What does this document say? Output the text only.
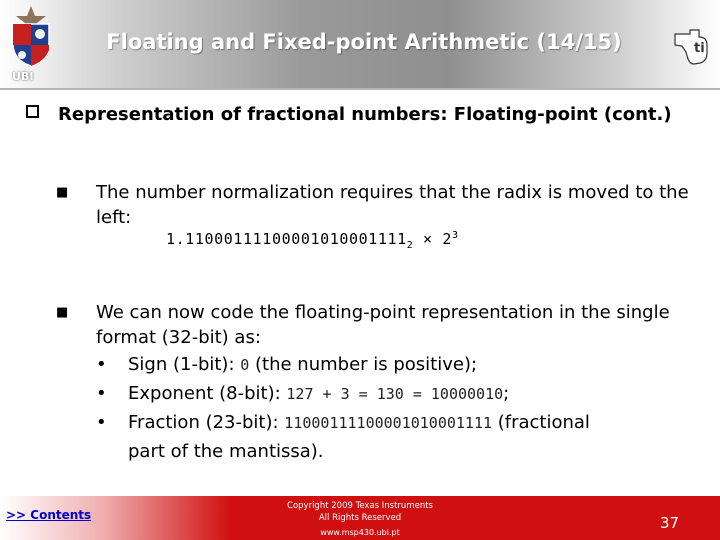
Floating and Fixed-point Arithmetic (14/15)
UBI
ti
Representation of fractional numbers: Floating-point (cont.)
■ The number normalization requires that the radix is moved to the left:
$1.11000111100001010001111_2 \times 2^3$
■ We can now code the floating-point representation in the single format (32-bit) as:
• Sign (1-bit): 0 (the number is positive);
• Exponent (8-bit): 127 + 3 = 130 = 10000010;
• Fraction (23-bit): 11000111100001010001111 (fractional
part of the mantissa).
>> Contents
Copyright 2009 Texas Instruments
All Rights Reserved
www.msp430.ubi.pt
37
